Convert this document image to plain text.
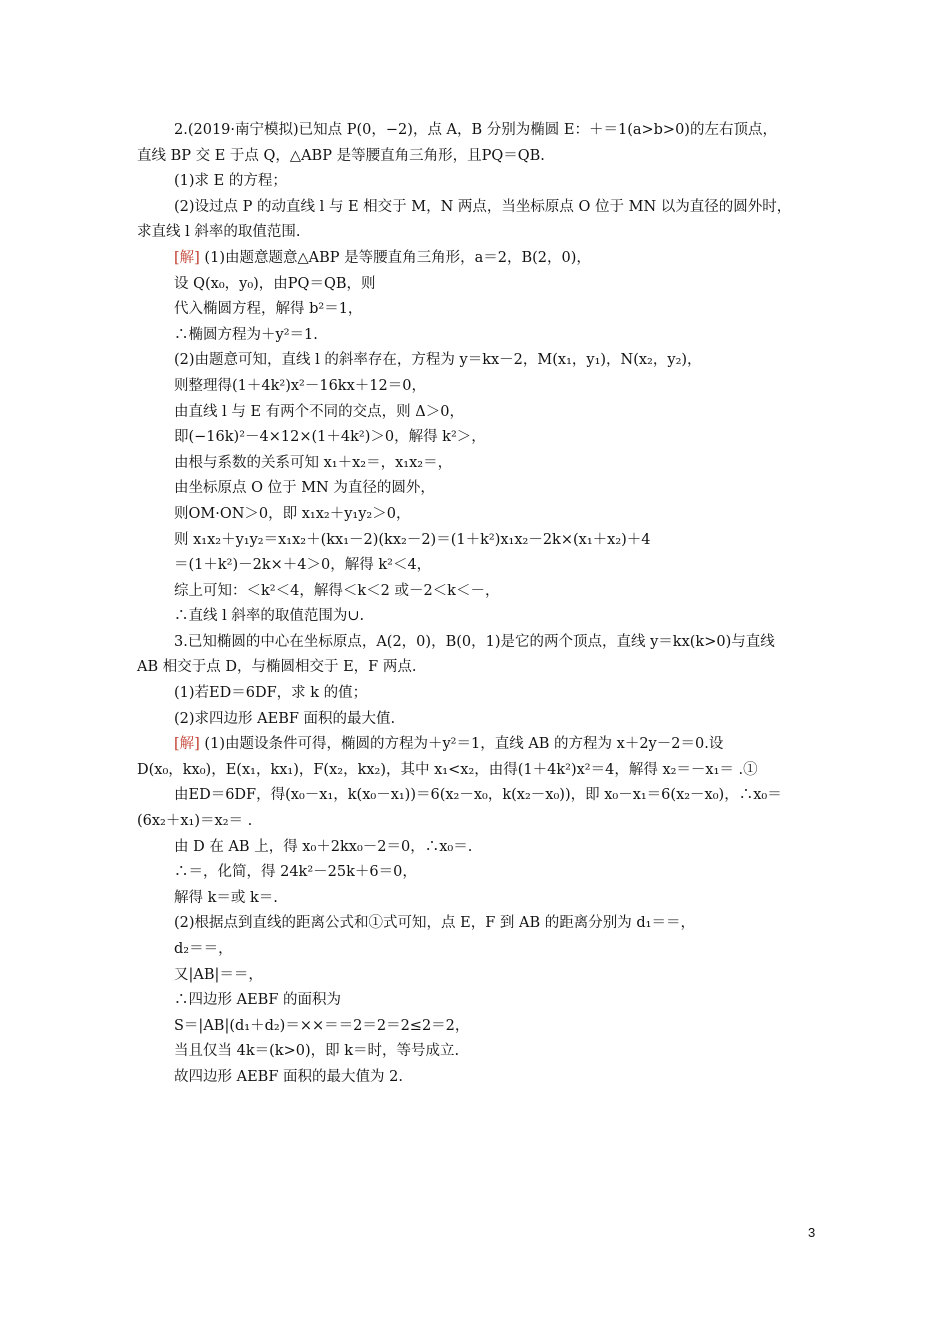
2.(2019·南宁模拟)已知点 P(0，−2)，点 A，B 分别为椭圆 E：＋＝1(a>b>0)的左右顶点，
直线 BP 交 E 于点 Q，△ABP 是等腰直角三角形，且PQ＝QB.
(1)求 E 的方程；
(2)设过点 P 的动直线 l 与 E 相交于 M，N 两点，当坐标原点 O 位于 MN 以为直径的圆外时，
求直线 l 斜率的取值范围.
[解] (1)由题意题意△ABP 是等腰直角三角形，a＝2，B(2，0)，
设 Q(x₀，y₀)，由PQ＝QB，则
代入椭圆方程，解得 b²＝1，
∴椭圆方程为＋y²＝1.
(2)由题意可知，直线 l 的斜率存在，方程为 y＝kx－2，M(x₁，y₁)，N(x₂，y₂)，
则整理得(1＋4k²)x²－16kx＋12＝0，
由直线 l 与 E 有两个不同的交点，则 Δ＞0，
即(−16k)²－4×12×(1＋4k²)＞0，解得 k²＞，
由根与系数的关系可知 x₁＋x₂＝，x₁x₂＝，
由坐标原点 O 位于 MN 为直径的圆外，
则OM·ON＞0，即 x₁x₂＋y₁y₂＞0，
则 x₁x₂＋y₁y₂＝x₁x₂＋(kx₁－2)(kx₂－2)＝(1＋k²)x₁x₂－2k×(x₁＋x₂)＋4
＝(1＋k²)－2k×＋4＞0，解得 k²＜4，
综上可知：＜k²＜4，解得＜k＜2 或－2＜k＜－，
∴直线 l 斜率的取值范围为∪.
3.已知椭圆的中心在坐标原点，A(2，0)，B(0，1)是它的两个顶点，直线 y＝kx(k>0)与直线
AB 相交于点 D，与椭圆相交于 E，F 两点.
(1)若ED＝6DF，求 k 的值；
(2)求四边形 AEBF 面积的最大值.
[解] (1)由题设条件可得，椭圆的方程为＋y²＝1，直线 AB 的方程为 x＋2y－2＝0.设
D(x₀，kx₀)，E(x₁，kx₁)，F(x₂，kx₂)，其中 x₁<x₂，由得(1＋4k²)x²＝4，解得 x₂＝－x₁＝ .①
由ED＝6DF，得(x₀－x₁，k(x₀－x₁))＝6(x₂－x₀，k(x₂－x₀))，即 x₀－x₁＝6(x₂－x₀)，∴x₀＝
(6x₂＋x₁)＝x₂＝ .
由 D 在 AB 上，得 x₀＋2kx₀－2＝0，∴x₀＝.
∴＝，化简，得 24k²－25k＋6＝0，
解得 k＝或 k＝.
(2)根据点到直线的距离公式和①式可知，点 E，F 到 AB 的距离分别为 d₁＝＝，
d₂＝＝，
又|AB|＝＝，
∴四边形 AEBF 的面积为
S＝|AB|(d₁＋d₂)＝××＝＝2＝2＝2≤2＝2，
当且仅当 4k＝(k>0)，即 k＝时，等号成立.
故四边形 AEBF 面积的最大值为 2.
3
